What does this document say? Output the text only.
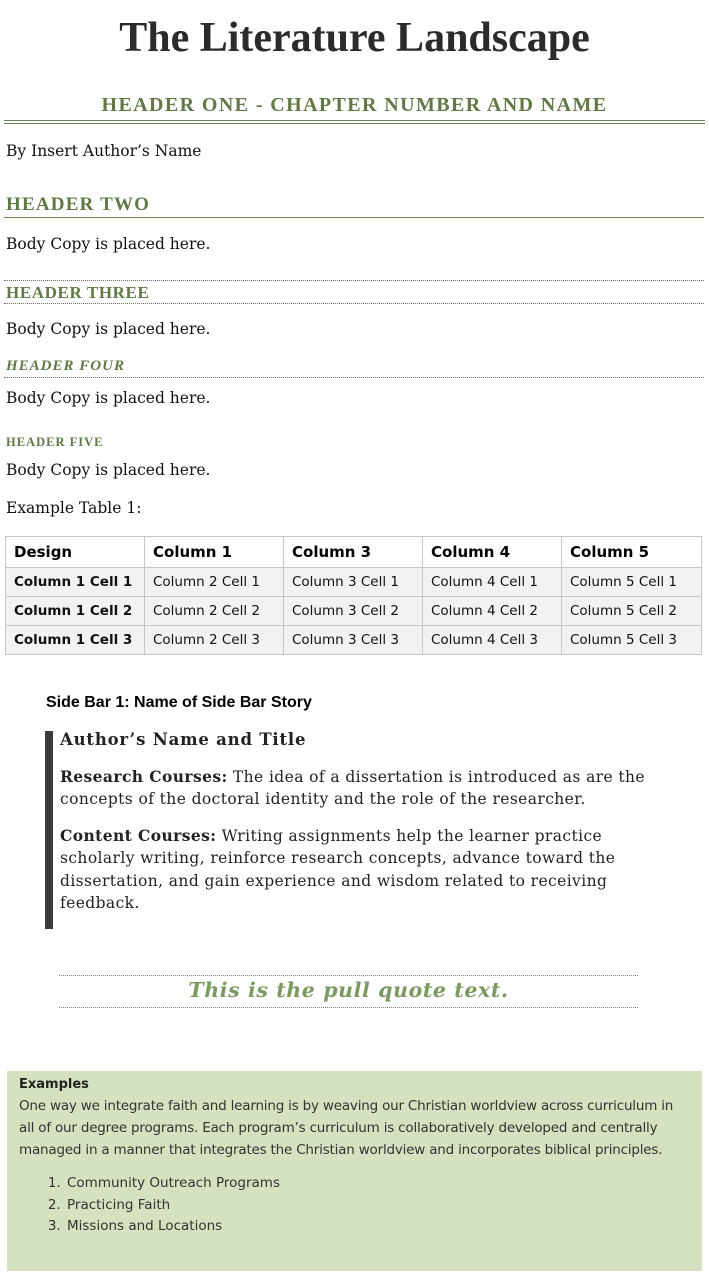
The Literature Landscape
HEADER ONE - CHAPTER NUMBER AND NAME
By Insert Author’s Name
HEADER TWO
Body Copy is placed here.
HEADER THREE
Body Copy is placed here.
HEADER FOUR
Body Copy is placed here.
HEADER FIVE
Body Copy is placed here.
Example Table 1:
Design	Column 1	Column 3	Column 4	Column 5
Column 1 Cell 1	Column 2 Cell 1	Column 3 Cell 1	Column 4 Cell 1	Column 5 Cell 1
Column 1 Cell 2	Column 2 Cell 2	Column 3 Cell 2	Column 4 Cell 2	Column 5 Cell 2
Column 1 Cell 3	Column 2 Cell 3	Column 3 Cell 3	Column 4 Cell 3	Column 5 Cell 3
Side Bar 1: Name of Side Bar Story

Author’s Name and Title

Research Courses: The idea of a dissertation is introduced as are the concepts of the doctoral identity and the role of the researcher.

Content Courses: Writing assignments help the learner practice scholarly writing, reinforce research concepts, advance toward the dissertation, and gain experience and wisdom related to receiving feedback.

This is the pull quote text.

Examples

One way we integrate faith and learning is by weaving our Christian worldview across curriculum in all of our degree programs. Each program’s curriculum is collaboratively developed and centrally managed in a manner that integrates the Christian worldview and incorporates biblical principles.

1. Community Outreach Programs
2. Practicing Faith
3. Missions and Locations
